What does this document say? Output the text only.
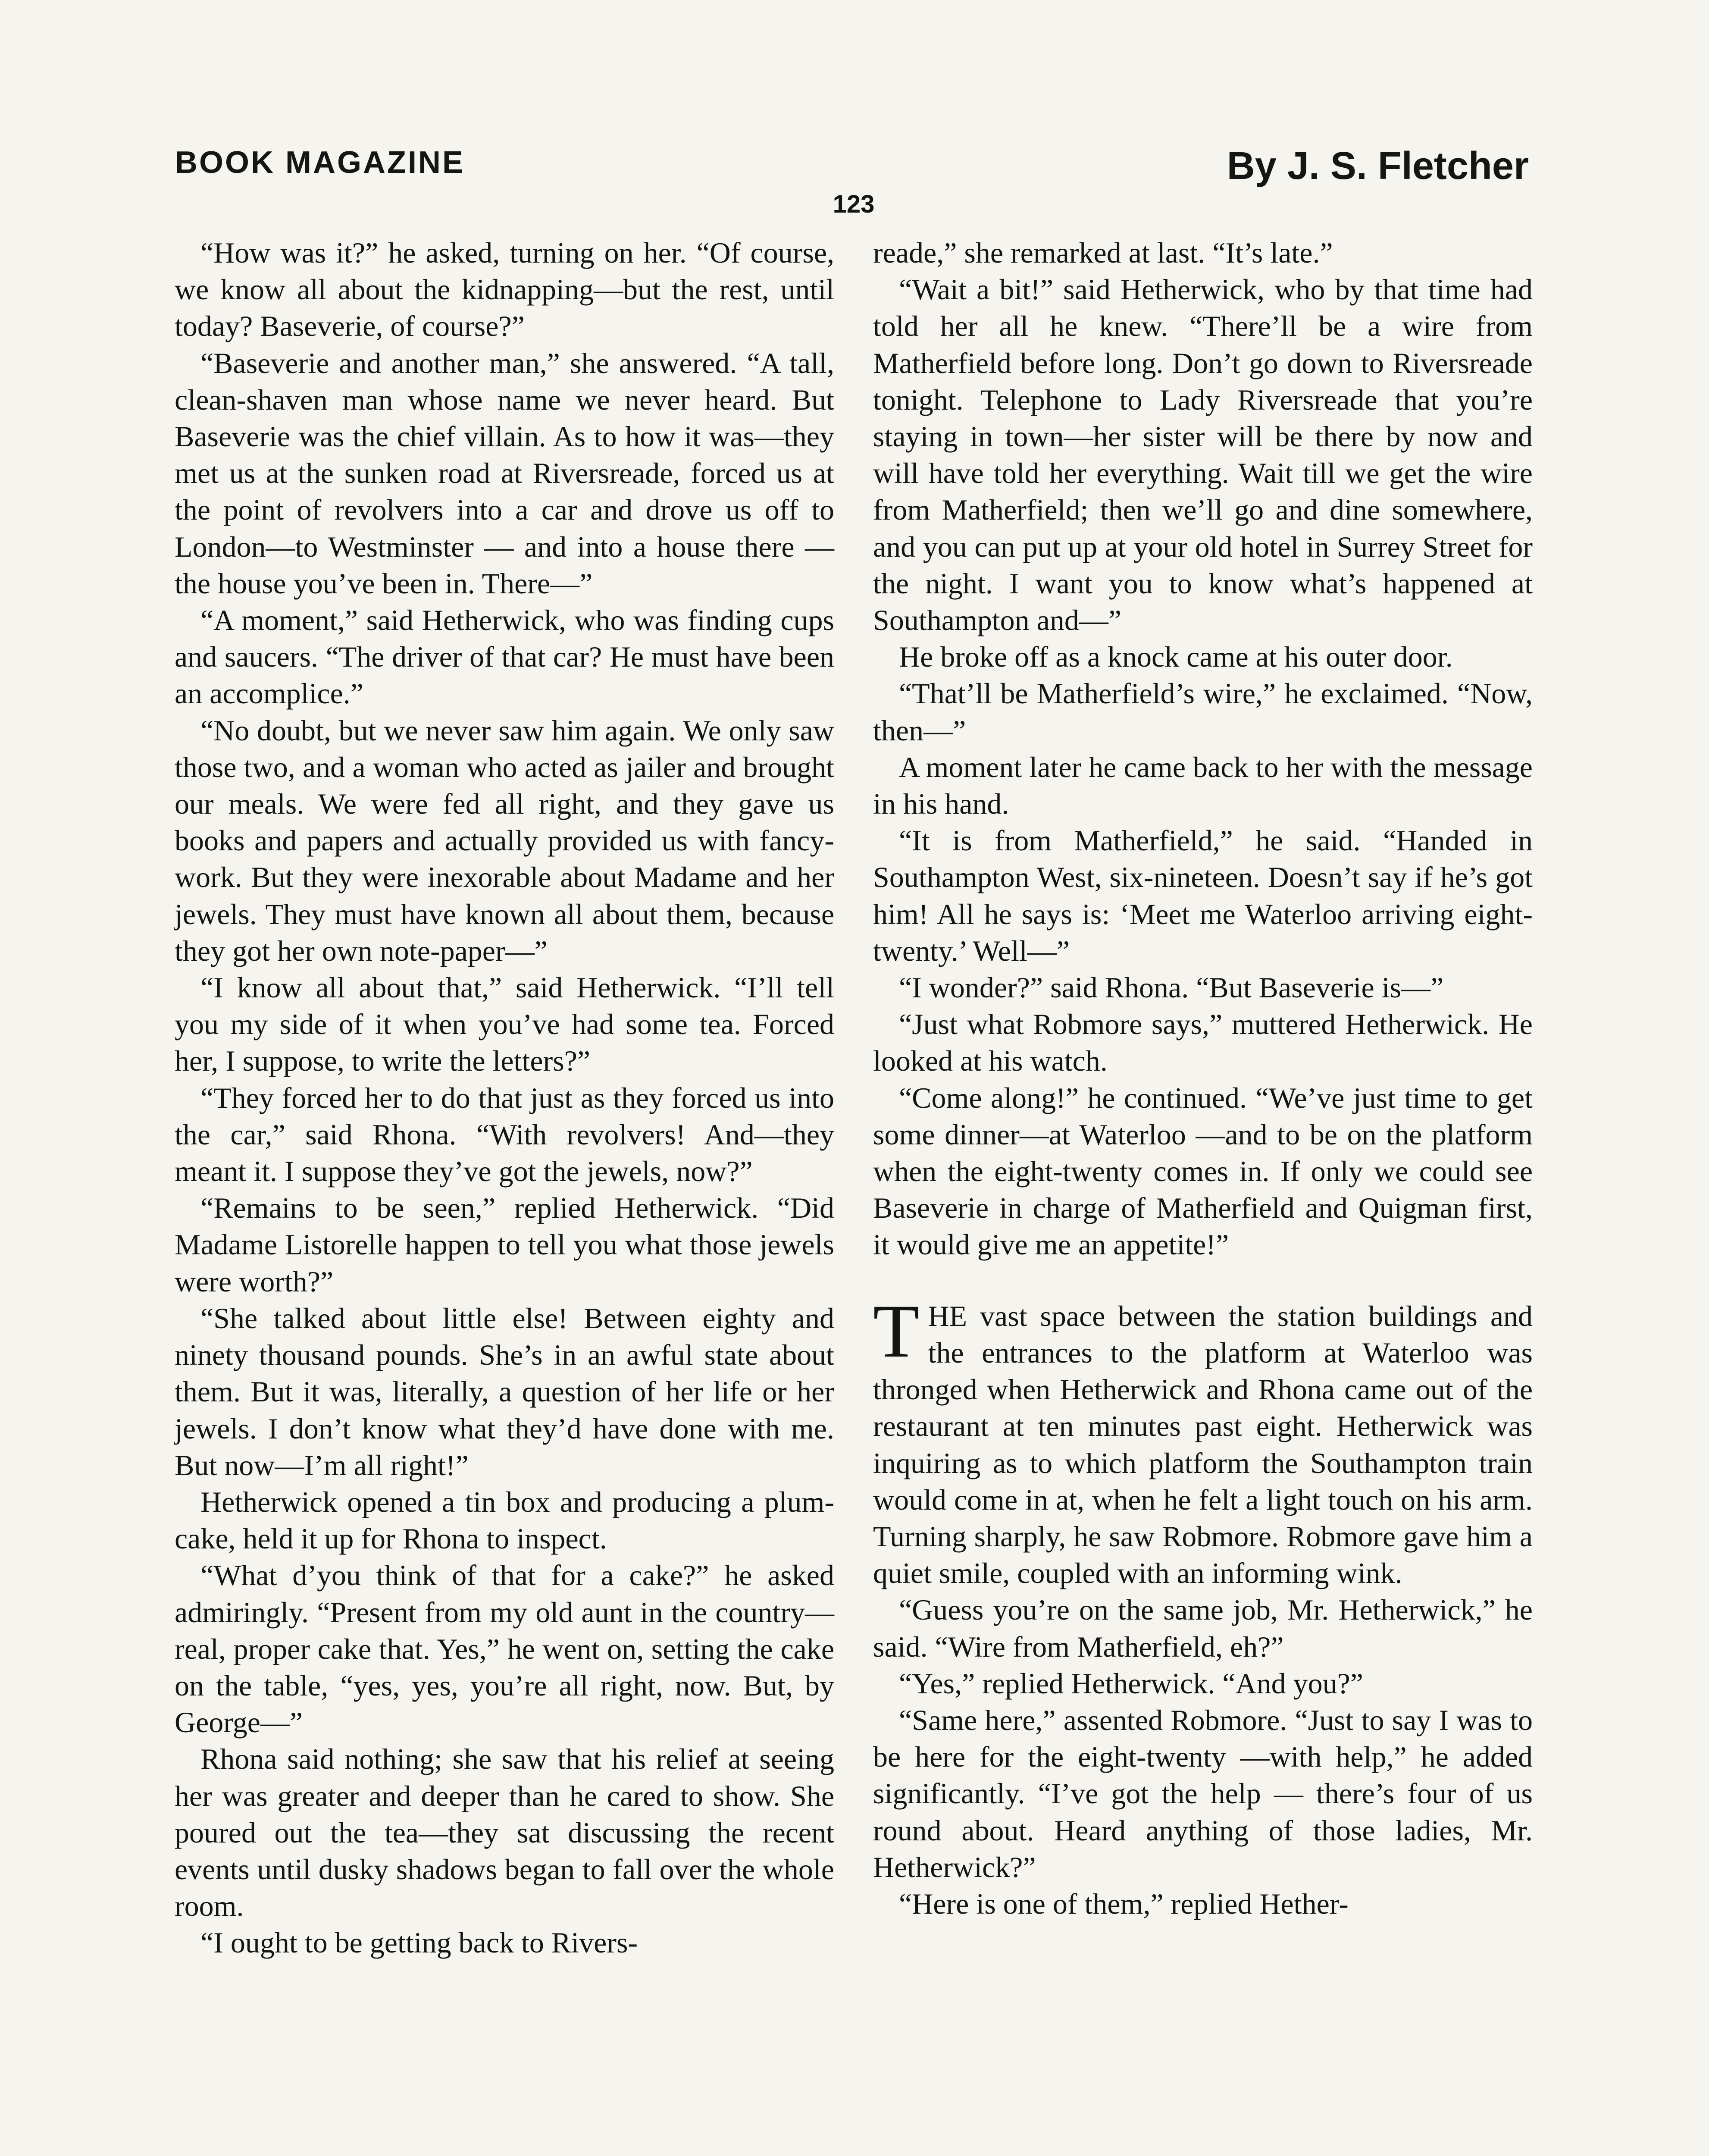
BOOK MAGAZINE	By J. S. Fletcher
123

“How was it?” he asked, turning on her. “Of course, we know all about the kidnapping—but the rest, until today? Baseverie, of course?”

“Baseverie and another man,” she answered. “A tall, clean-shaven man whose name we never heard. But Baseverie was the chief villain. As to how it was—they met us at the sunken road at Riversreade, forced us at the point of revolvers into a car and drove us off to London—to Westminster — and into a house there — the house you’ve been in. There—”

“A moment,” said Hetherwick, who was finding cups and saucers. “The driver of that car? He must have been an accomplice.”

“No doubt, but we never saw him again. We only saw those two, and a woman who acted as jailer and brought our meals. We were fed all right, and they gave us books and papers and actually provided us with fancy-work. But they were inexorable about Madame and her jewels. They must have known all about them, because they got her own note-paper—”

“I know all about that,” said Hetherwick. “I’ll tell you my side of it when you’ve had some tea. Forced her, I suppose, to write the letters?”

“They forced her to do that just as they forced us into the car,” said Rhona. “With revolvers! And—they meant it. I suppose they’ve got the jewels, now?”

“Remains to be seen,” replied Hetherwick. “Did Madame Listorelle happen to tell you what those jewels were worth?”

“She talked about little else! Between eighty and ninety thousand pounds. She’s in an awful state about them. But it was, literally, a question of her life or her jewels. I don’t know what they’d have done with me. But now—I’m all right!”

Hetherwick opened a tin box and producing a plum-cake, held it up for Rhona to inspect.

“What d’you think of that for a cake?” he asked admiringly. “Present from my old aunt in the country—real, proper cake that. Yes,” he went on, setting the cake on the table, “yes, yes, you’re all right, now. But, by George—”

Rhona said nothing; she saw that his relief at seeing her was greater and deeper than he cared to show. She poured out the tea—they sat discussing the recent events until dusky shadows began to fall over the whole room.

“I ought to be getting back to Rivers-

reade,” she remarked at last. “It’s late.”

“Wait a bit!” said Hetherwick, who by that time had told her all he knew. “There’ll be a wire from Matherfield before long. Don’t go down to Riversreade tonight. Telephone to Lady Riversreade that you’re staying in town—her sister will be there by now and will have told her everything. Wait till we get the wire from Matherfield; then we’ll go and dine somewhere, and you can put up at your old hotel in Surrey Street for the night. I want you to know what’s happened at Southampton and—”

He broke off as a knock came at his outer door.

“That’ll be Matherfield’s wire,” he exclaimed. “Now, then—”

A moment later he came back to her with the message in his hand.

“It is from Matherfield,” he said. “Handed in Southampton West, six-nineteen. Doesn’t say if he’s got him! All he says is: ‘Meet me Waterloo arriving eight-twenty.’ Well—”

“I wonder?” said Rhona. “But Baseverie is—”

“Just what Robmore says,” muttered Hetherwick. He looked at his watch.

“Come along!” he continued. “We’ve just time to get some dinner—at Waterloo —and to be on the platform when the eight-twenty comes in. If only we could see Baseverie in charge of Matherfield and Quigman first, it would give me an appetite!”

THE vast space between the station buildings and the entrances to the platform at Waterloo was thronged when Hetherwick and Rhona came out of the restaurant at ten minutes past eight. Hetherwick was inquiring as to which platform the Southampton train would come in at, when he felt a light touch on his arm. Turning sharply, he saw Robmore. Robmore gave him a quiet smile, coupled with an informing wink.

“Guess you’re on the same job, Mr. Hetherwick,” he said. “Wire from Matherfield, eh?”

“Yes,” replied Hetherwick. “And you?”

“Same here,” assented Robmore. “Just to say I was to be here for the eight-twenty —with help,” he added significantly. “I’ve got the help — there’s four of us round about. Heard anything of those ladies, Mr. Hetherwick?”

“Here is one of them,” replied Hether-
